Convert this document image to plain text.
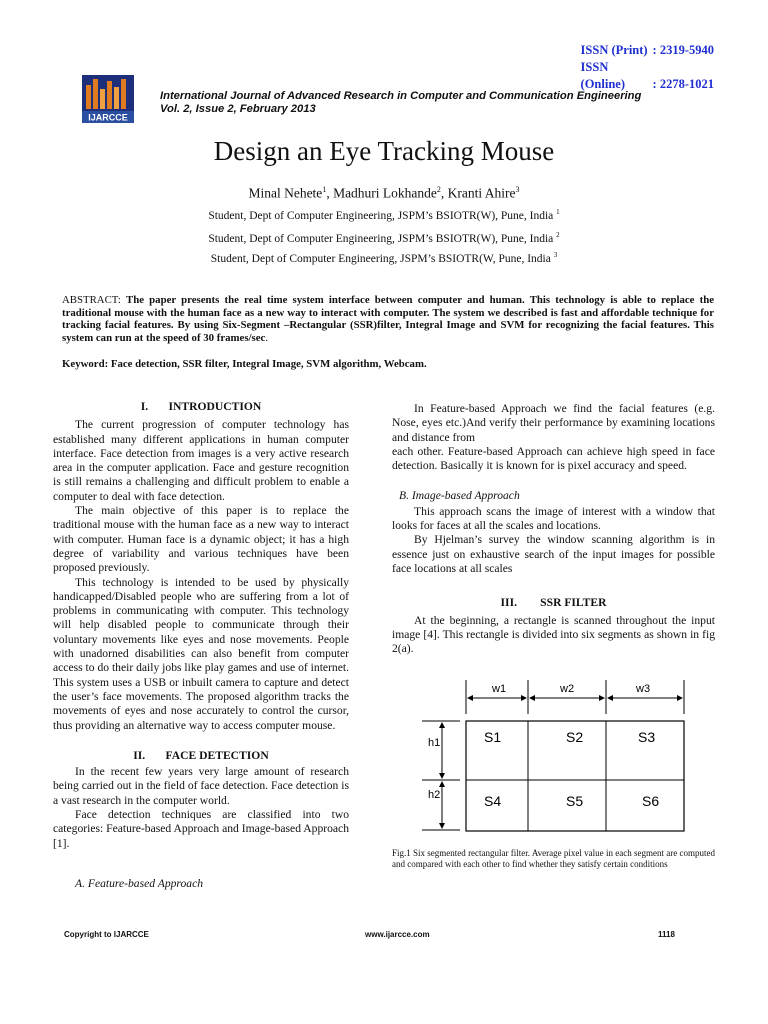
ISSN (Print) : 2319-5940
ISSN (Online) : 2278-1021
IJARCCE
International Journal of Advanced Research in Computer and Communication Engineering
Vol. 2, Issue 2, February 2013
Design an Eye Tracking Mouse
Minal Nehete$^1$, Madhuri Lokhande$^2$, Kranti Ahire$^3$
Student, Dept of Computer Engineering, JSPM’s BSIOTR(W), Pune, India $^1$
Student, Dept of Computer Engineering, JSPM’s BSIOTR(W), Pune, India $^2$
Student, Dept of Computer Engineering, JSPM’s BSIOTR(W, Pune, India $^3$
ABSTRACT: The paper presents the real time system interface between computer and human. This technology is able to replace the traditional mouse with the human face as a new way to interact with computer. The system we described is fast and affordable technique for tracking facial features. By using Six-Segment –Rectangular (SSR)filter, Integral Image and SVM for recognizing the facial features. This system can run at the speed of 30 frames/sec.
Keyword: Face detection, SSR filter, Integral Image, SVM algorithm, Webcam.

I. INTRODUCTION

The current progression of computer technology has established many different applications in human computer interface. Face detection from images is a very active research area in the computer application. Face and gesture recognition is still remains a challenging and difficult problem to enable a computer to deal with face detection.

The main objective of this paper is to replace the traditional mouse with the human face as a new way to interact with computer. Human face is a dynamic object; it has a high degree of variability and various techniques have been proposed previously.

This technology is intended to be used by physically handicapped/Disabled people who are suffering from a lot of problems in communicating with computer. This technology will help disabled people to communicate through their voluntary movements like eyes and nose movements. People with unadorned disabilities can also benefit from computer access to do their daily jobs like play games and use of internet. This system uses a USB or inbuilt camera to capture and detect the user’s face movements. The proposed algorithm tracks the movements of eyes and nose accurately to control the cursor, thus providing an alternative way to access computer mouse.

II. FACE DETECTION

In the recent few years very large amount of research being carried out in the field of face detection. Face detection is a vast research in the computer world.

Face detection techniques are classified into two categories: Feature-based Approach and Image-based Approach [1].

A. Feature-based Approach

In Feature-based Approach we find the facial features (e.g. Nose, eyes etc.)And verify their performance by examining locations and distance from

each other. Feature-based Approach can achieve high speed in face detection. Basically it is known for is pixel accuracy and speed.

B. Image-based Approach

This approach scans the image of interest with a window that looks for faces at all the scales and locations.

By Hjelman’s survey the window scanning algorithm is in essence just on exhaustive search of the input images for possible face locations at all scales

III. SSR FILTER

At the beginning, a rectangle is scanned throughout the input image [4]. This rectangle is divided into six segments as shown in fig 2(a).

w1	w2	w3
h1
h2
S1	S2	S3
S4	S5	S6
Fig.1 Six segmented rectangular filter. Average pixel value in each segment are computed and compared with each other to find whether they satisfy certain conditions
Copyright to IJARCCE	www.ijarcce.com	1118
